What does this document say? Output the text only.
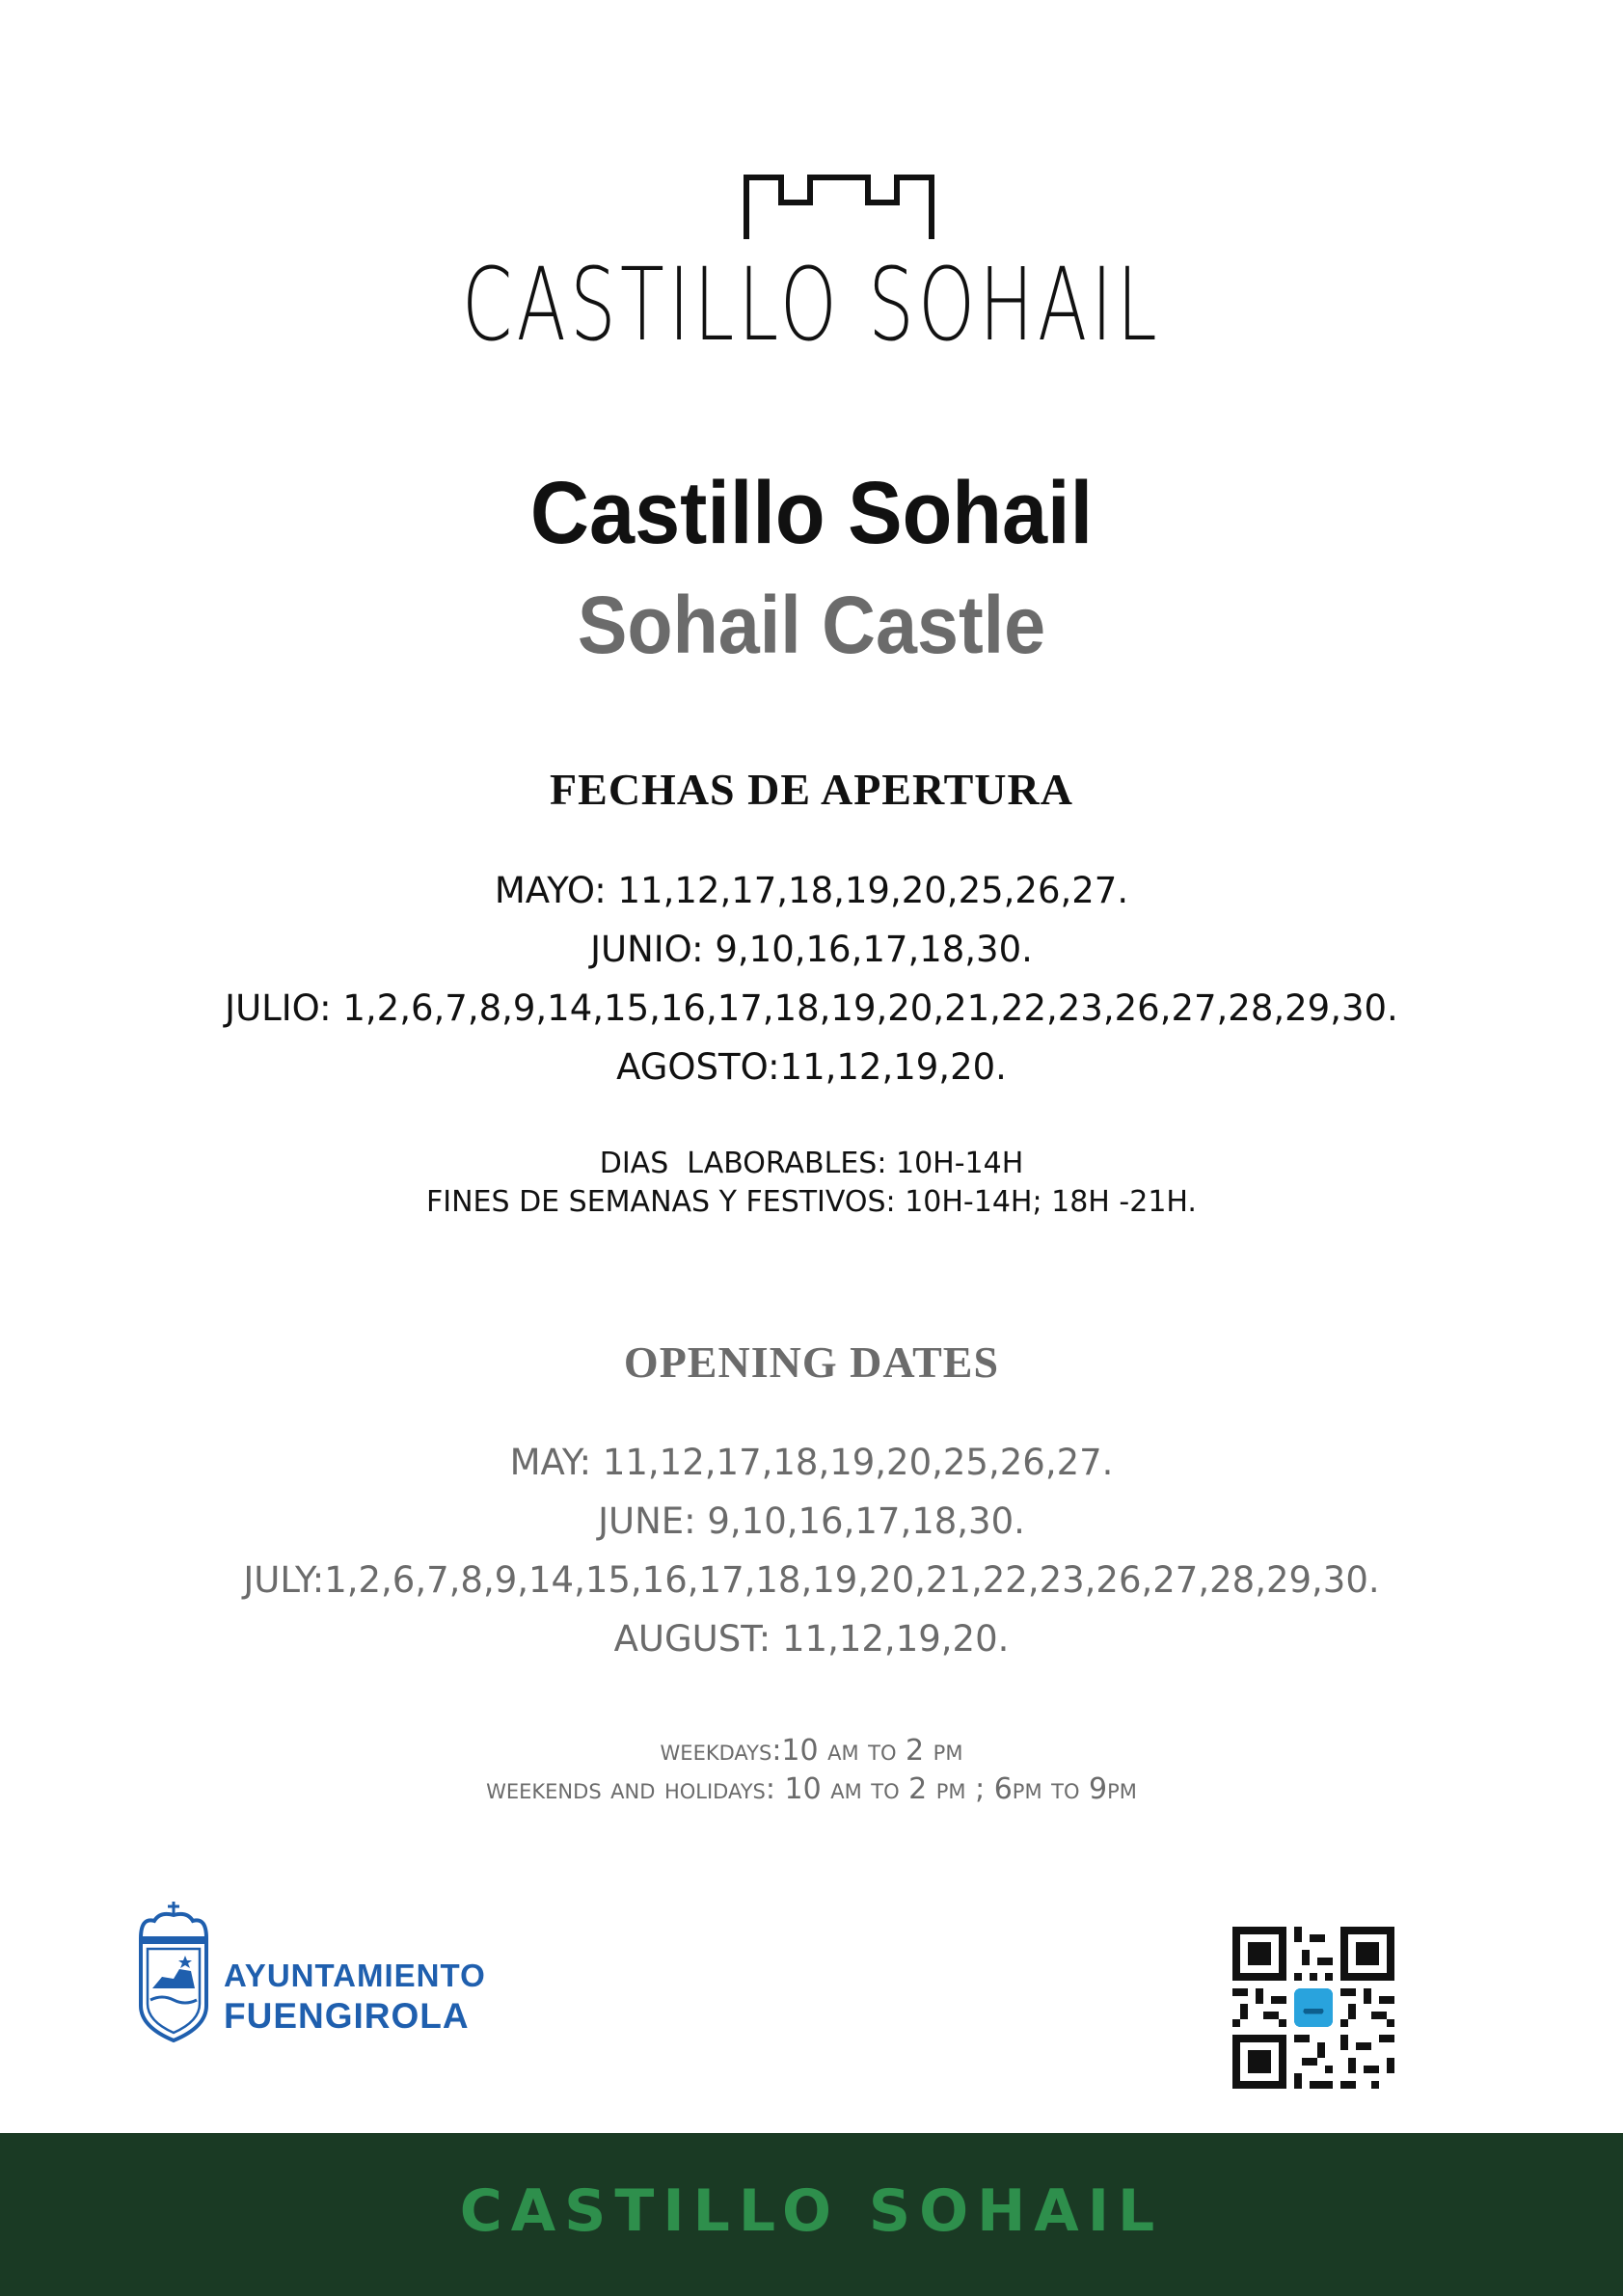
CASTILLO SOHAIL
Castillo Sohail
Sohail Castle
FECHAS DE APERTURA
MAYO: 11,12,17,18,19,20,25,26,27.
JUNIO: 9,10,16,17,18,30.
JULIO: 1,2,6,7,8,9,14,15,16,17,18,19,20,21,22,23,26,27,28,29,30.
AGOSTO:11,12,19,20.
DIAS  LABORABLES: 10H-14H
FINES DE SEMANAS Y FESTIVOS: 10H-14H; 18H -21H.
OPENING DATES
MAY: 11,12,17,18,19,20,25,26,27.
JUNE: 9,10,16,17,18,30.
JULY:1,2,6,7,8,9,14,15,16,17,18,19,20,21,22,23,26,27,28,29,30.
AUGUST: 11,12,19,20.
weekdays:10 am to 2 pm
weekends and holidays: 10 am to 2 pm ; 6pm to 9pm
AYUNTAMIENTO
FUENGIROLA
CASTILLO SOHAIL
